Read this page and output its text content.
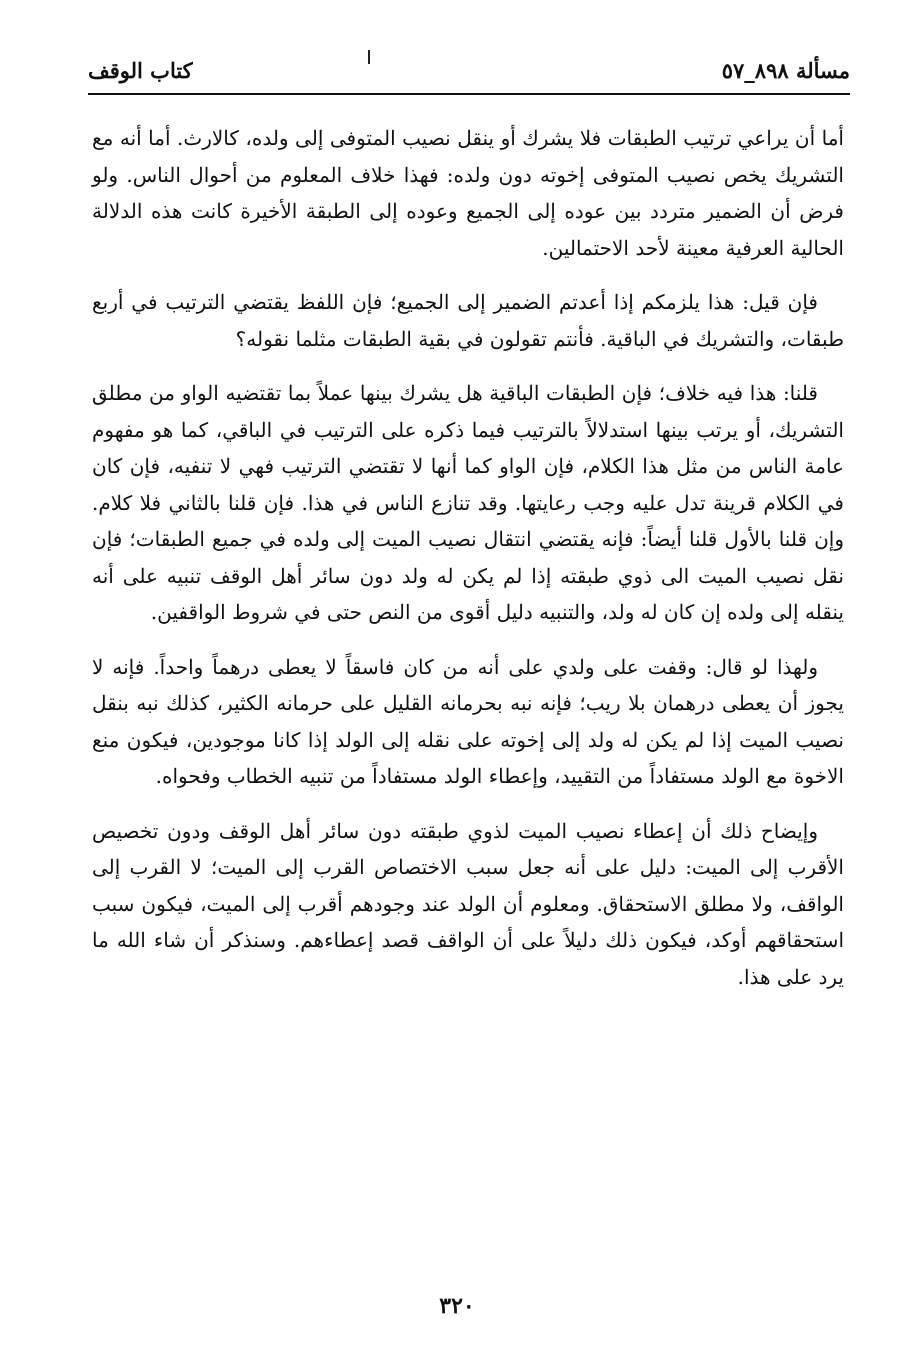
مسألة ٨٩٨_٥٧
كتاب الوقف

أما أن يراعي ترتيب الطبقات فلا يشرك أو ينقل نصيب المتوفى إلى ولده، كالارث. أما أنه مع التشريك يخص نصيب المتوفى إخوته دون ولده: فهذا خلاف المعلوم من أحوال الناس. ولو فرض أن الضمير متردد بين عوده إلى الجميع وعوده إلى الطبقة الأخيرة كانت هذه الدلالة الحالية العرفية معينة لأحد الاحتمالين.

فإن قيل: هذا يلزمكم إذا أعدتم الضمير إلى الجميع؛ فإن اللفظ يقتضي الترتيب في أربع طبقات، والتشريك في الباقية. فأنتم تقولون في بقية الطبقات مثلما نقوله؟

قلنا: هذا فيه خلاف؛ فإن الطبقات الباقية هل يشرك بينها عملاً بما تقتضيه الواو من مطلق التشريك، أو يرتب بينها استدلالاً بالترتيب فيما ذكره على الترتيب في الباقي، كما هو مفهوم عامة الناس من مثل هذا الكلام، فإن الواو كما أنها لا تقتضي الترتيب فهي لا تنفيه، فإن كان في الكلام قرينة تدل عليه وجب رعايتها. وقد تنازع الناس في هذا. فإن قلنا بالثاني فلا كلام. وإن قلنا بالأول قلنا أيضاً: فإنه يقتضي انتقال نصيب الميت إلى ولده في جميع الطبقات؛ فإن نقل نصيب الميت الى ذوي طبقته إذا لم يكن له ولد دون سائر أهل الوقف تنبيه على أنه ينقله إلى ولده إن كان له ولد، والتنبيه دليل أقوى من النص حتى في شروط الواقفين.

ولهذا لو قال: وقفت على ولدي على أنه من كان فاسقاً لا يعطى درهماً واحداً. فإنه لا يجوز أن يعطى درهمان بلا ريب؛ فإنه نبه بحرمانه القليل على حرمانه الكثير، كذلك نبه بنقل نصيب الميت إذا لم يكن له ولد إلى إخوته على نقله إلى الولد إذا كانا موجودين، فيكون منع الاخوة مع الولد مستفاداً من التقييد، وإعطاء الولد مستفاداً من تنبيه الخطاب وفحواه.

وإيضاح ذلك أن إعطاء نصيب الميت لذوي طبقته دون سائر أهل الوقف ودون تخصيص الأقرب إلى الميت: دليل على أنه جعل سبب الاختصاص القرب إلى الميت؛ لا القرب إلى الواقف، ولا مطلق الاستحقاق. ومعلوم أن الولد عند وجودهم أقرب إلى الميت، فيكون سبب استحقاقهم أوكد، فيكون ذلك دليلاً على أن الواقف قصد إعطاءهم. وسنذكر أن شاء الله ما يرد على هذا.

٣٢٠
